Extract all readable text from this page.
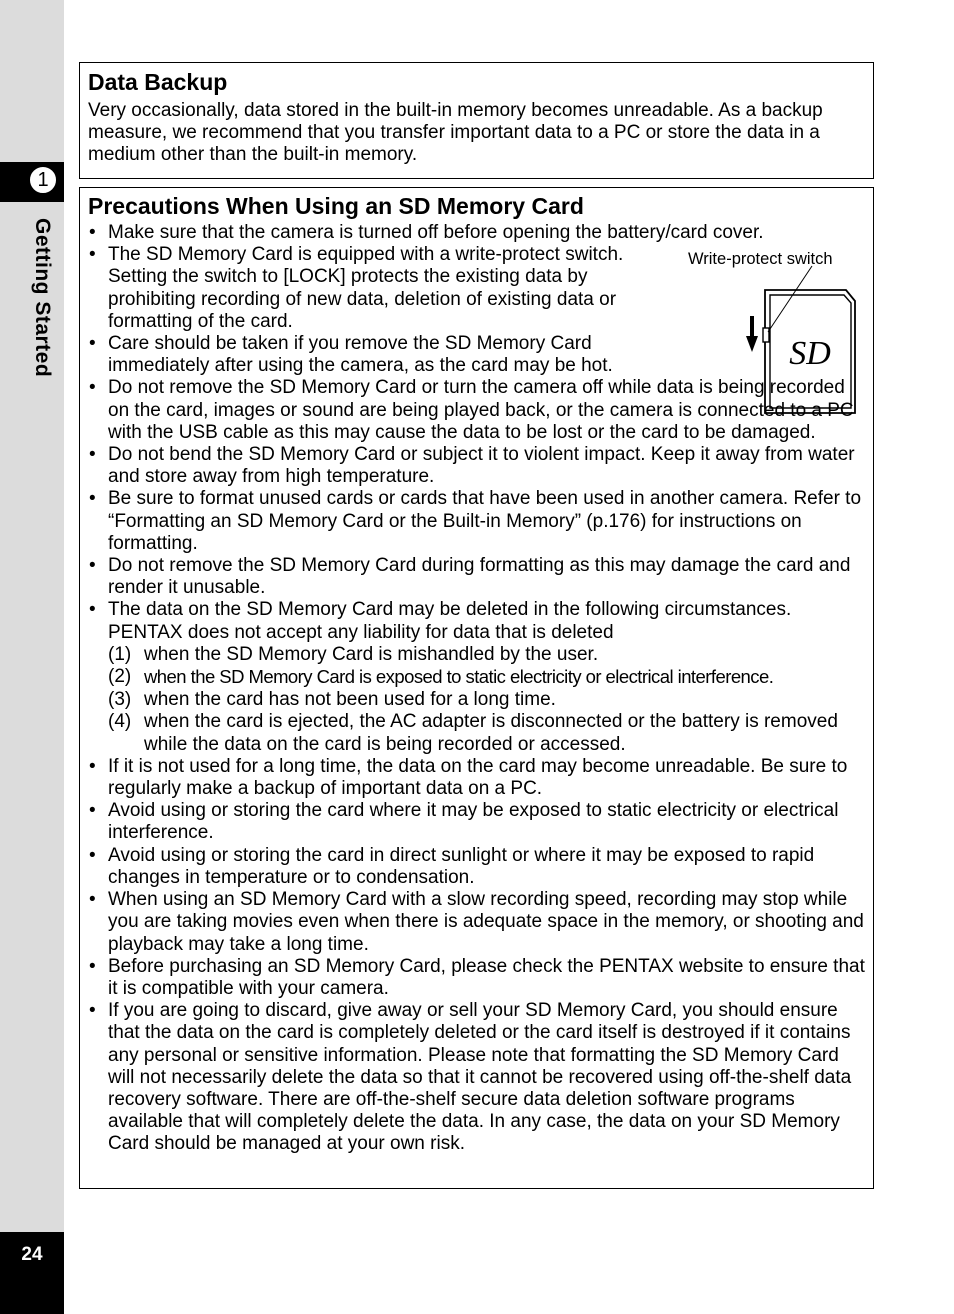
1
Getting Started
24
Data Backup
Very occasionally, data stored in the built-in memory becomes unreadable. As a backup measure, we recommend that you transfer important data to a PC or store the data in a medium other than the built-in memory.
Precautions When Using an SD Memory Card
Write-protect switch
SD
• Make sure that the camera is turned off before opening the battery/card cover.
• The SD Memory Card is equipped with a write-protect switch. Setting the switch to [LOCK] protects the existing data by prohibiting recording of new data, deletion of existing data or formatting of the card.
• Care should be taken if you remove the SD Memory Card immediately after using the camera, as the card may be hot.
• Do not remove the SD Memory Card or turn the camera off while data is being recorded on the card, images or sound are being played back, or the camera is connected to a PC with the USB cable as this may cause the data to be lost or the card to be damaged.
• Do not bend the SD Memory Card or subject it to violent impact. Keep it away from water and store away from high temperature.
• Be sure to format unused cards or cards that have been used in another camera. Refer to “Formatting an SD Memory Card or the Built-in Memory” (p.176) for instructions on formatting.
• Do not remove the SD Memory Card during formatting as this may damage the card and render it unusable.
• The data on the SD Memory Card may be deleted in the following circumstances. PENTAX does not accept any liability for data that is deleted
(1) when the SD Memory Card is mishandled by the user.
(2) when the SD Memory Card is exposed to static electricity or electrical interference.
(3) when the card has not been used for a long time.
(4) when the card is ejected, the AC adapter is disconnected or the battery is removed while the data on the card is being recorded or accessed.
• If it is not used for a long time, the data on the card may become unreadable. Be sure to regularly make a backup of important data on a PC.
• Avoid using or storing the card where it may be exposed to static electricity or electrical interference.
• Avoid using or storing the card in direct sunlight or where it may be exposed to rapid changes in temperature or to condensation.
• When using an SD Memory Card with a slow recording speed, recording may stop while you are taking movies even when there is adequate space in the memory, or shooting and playback may take a long time.
• Before purchasing an SD Memory Card, please check the PENTAX website to ensure that it is compatible with your camera.
• If you are going to discard, give away or sell your SD Memory Card, you should ensure that the data on the card is completely deleted or the card itself is destroyed if it contains any personal or sensitive information. Please note that formatting the SD Memory Card will not necessarily delete the data so that it cannot be recovered using off-the-shelf data recovery software. There are off-the-shelf secure data deletion software programs available that will completely delete the data. In any case, the data on your SD Memory Card should be managed at your own risk.
